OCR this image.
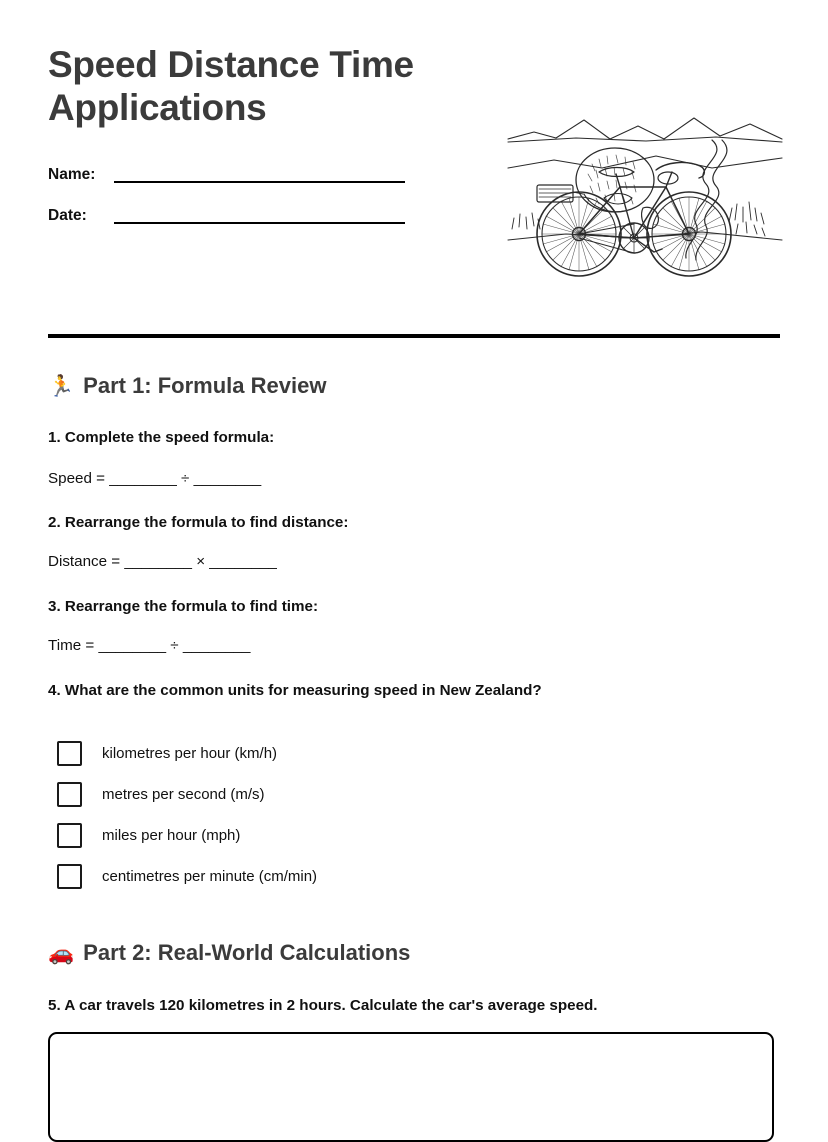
Speed Distance Time Applications
Name:
Date:
🏃 Part 1: Formula Review
1. Complete the speed formula:
Speed = ________ ÷ ________
2. Rearrange the formula to find distance:
Distance = ________ × ________
3. Rearrange the formula to find time:
Time = ________ ÷ ________
4. What are the common units for measuring speed in New Zealand?
kilometres per hour (km/h)
metres per second (m/s)
miles per hour (mph)
centimetres per minute (cm/min)
🚗 Part 2: Real-World Calculations
5. A car travels 120 kilometres in 2 hours. Calculate the car's average speed.
